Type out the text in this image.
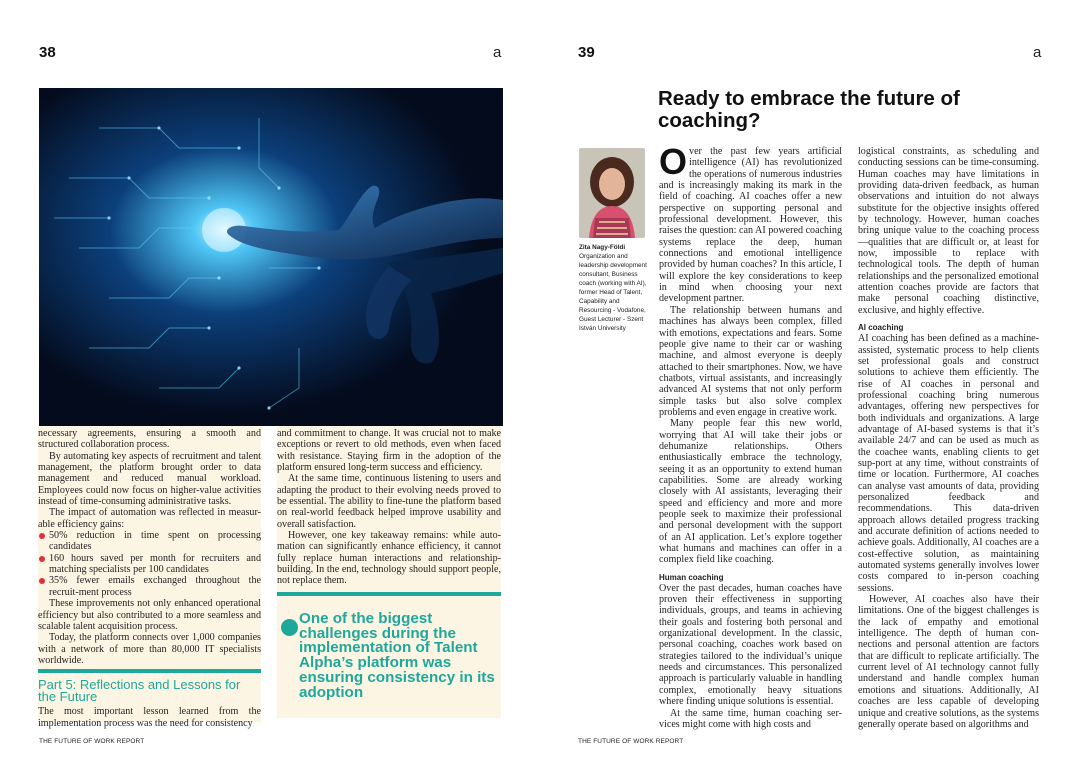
38	a

necessary agreements, ensuring a smooth and structured collaboration process.

By automating key aspects of recruitment and talent management, the platform brought order to data management and reduced manual workload. Employees could now focus on higher-value activities instead of time-consuming administrative tasks.

The impact of automation was reflected in measur-able efficiency gains:

50% reduction in time spent on processing candidates
160 hours saved per month for recruiters and matching specialists per 100 candidates
35% fewer emails exchanged throughout the recruit-ment process

These improvements not only enhanced operational efficiency but also contributed to a more seamless and scalable talent acquisition process.

Today, the platform connects over 1,000 companies with a network of more than 80,000 IT specialists worldwide.

Part 5: Reflections and Lessons for the Future

The most important lesson learned from the implementation process was the need for consistency

and commitment to change. It was crucial not to make exceptions or revert to old methods, even when faced with resistance. Staying firm in the adoption of the platform ensured long-term success and efficiency.

At the same time, continuous listening to users and adapting the product to their evolving needs proved to be essential. The ability to fine-tune the platform based on real-world feedback helped improve usability and overall satisfaction.

However, one key takeaway remains: while auto-mation can significantly enhance efficiency, it cannot fully replace human interactions and relationship-building. In the end, technology should support people, not replace them.

One of the biggest challenges during the implementation of Talent Alpha’s platform was ensuring consistency in its adoption
THE FUTURE OF WORK REPORT
39	a
Ready to embrace the future of coaching?
Zita Nagy-Földi
Organization and leadership development consultant, Business coach (working with AI), former Head of Talent, Capability and Resourcing - Vodafone, Guest Lecturer - Szent István University

Over the past few years artificial intelligence (AI) has revolutionized the operations of numerous industries and is increasingly making its mark in the field of coaching. AI coaches offer a new perspective on supporting personal and professional development. However, this raises the question: can AI powered coaching systems replace the deep, human connections and emotional intelligence provided by human coaches? In this article, I will explore the key considerations to keep in mind when choosing your next development partner.

The relationship between humans and machines has always been complex, filled with emotions, expectations and fears. Some people give name to their car or washing machine, and almost everyone is deeply attached to their smartphones. Now, we have chatbots, virtual assistants, and increasingly advanced AI systems that not only perform simple tasks but also solve complex problems and even engage in creative work.

Many people fear this new world, worrying that AI will take their jobs or dehumanize relationships. Others enthusiastically embrace the technology, seeing it as an opportunity to extend human capabilities. Some are already working closely with AI assistants, leveraging their speed and efficiency and more and more people seek to maximize their professional and personal development with the support of an AI application. Let’s explore together what humans and machines can offer in a complex field like coaching.

Human coaching

Over the past decades, human coaches have proven their effectiveness in supporting individuals, groups, and teams in achieving their goals and fostering both personal and organizational development. In the classic, personal coaching, coaches work based on strategies tailored to the individual’s unique needs and circumstances. This personalized approach is particularly valuable in handling complex, emotionally heavy situations where finding unique solutions is essential.

At the same time, human coaching ser-vices might come with high costs and

logistical constraints, as scheduling and conducting sessions can be time-consuming. Human coaches may have limitations in providing data-driven feedback, as human observations and intuition do not always substitute for the objective insights offered by technology. However, human coaches bring unique value to the coaching process—qualities that are difficult or, at least for now, impossible to replace with technological tools. The depth of human relationships and the personalized emotional attention coaches provide are factors that make personal coaching distinctive, exclusive, and highly effective.

AI coaching

AI coaching has been defined as a machine-assisted, systematic process to help clients set professional goals and construct solutions to achieve them efficiently. The rise of AI coaches in personal and professional coaching bring numerous advantages, offering new perspectives for both individuals and organizations. A large advantage of AI-based systems is that it’s available 24/7 and can be used as much as the coachee wants, enabling clients to get sup-port at any time, without constraints of time or location. Furthermore, AI coaches can analyse vast amounts of data, providing personalized feedback and recommendations. This data-driven approach allows detailed progress tracking and accurate definition of actions needed to achieve goals. Additionally, AI coaches are a cost-effective solution, as maintaining automated systems generally involves lower costs compared to in-person coaching sessions.

However, AI coaches also have their limitations. One of the biggest challenges is the lack of empathy and emotional intelligence. The depth of human con-nections and personal attention are factors that are difficult to replicate artificially. The current level of AI technology cannot fully understand and handle complex human emotions and situations. Additionally, AI coaches are less capable of developing unique and creative solutions, as the systems generally operate based on algorithms and

THE FUTURE OF WORK REPORT
